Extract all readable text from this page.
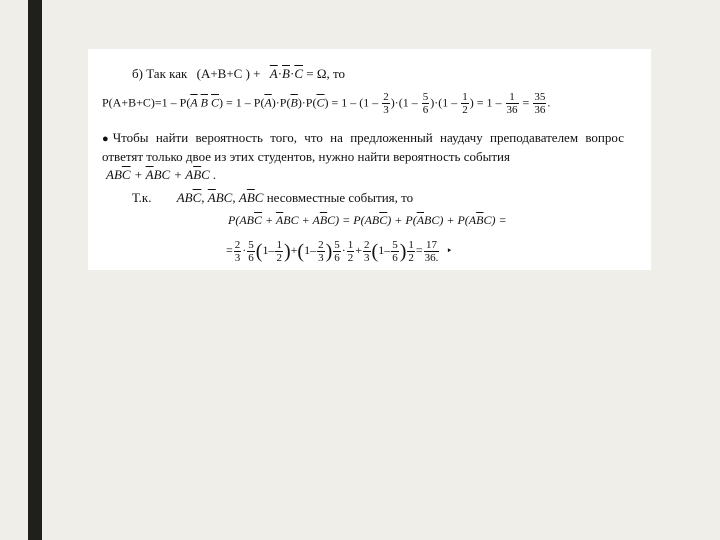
б) Так как (A+B+C ) + $\overline{A}\cdot\overline{B}\cdot\overline{C} = \Omega$, то
$P(A+B+C)=1 - P(\overline{A}$ $\overline{B}$ $\overline{C}) = 1 - P(\overline{A})\cdot P(\overline{B})\cdot P(\overline{C}) = 1 - (1 - \frac{2}{3} )\cdot(1 - \frac{5}{6} )\cdot(1 - \frac{1}{2}$ ) = $1 - \frac{1}{36} = \frac{35}{36}$ .
●Чтобы найти вероятность того, что на предложенный наудачу преподавателем вопрос ответят только двое из этих студентов, нужно найти вероятность события
$AB\overline{C} + \overline{A}BC + A\overline{B}C$ .
Т.к. $AB\overline{C}$, $\overline{A}BC$, $A\overline{B}C$ несовместные события, то
$P(AB\overline{C} + \overline{A}BC + A\overline{B}C) = P(AB\overline{C}) + P(\overline{A}BC) + P(A\overline{B}C)$ =
= $\frac{2}{3} \cdot \frac{5}{6} (1- \frac{1}{2} )+(1- \frac{2}{3}$ ) $\frac{5}{6} \cdot \frac{1}{2} + \frac{2}{3} (1- \frac{5}{6}$ ) $\frac{1}{2} = \frac{17}{36.}$ ‣
